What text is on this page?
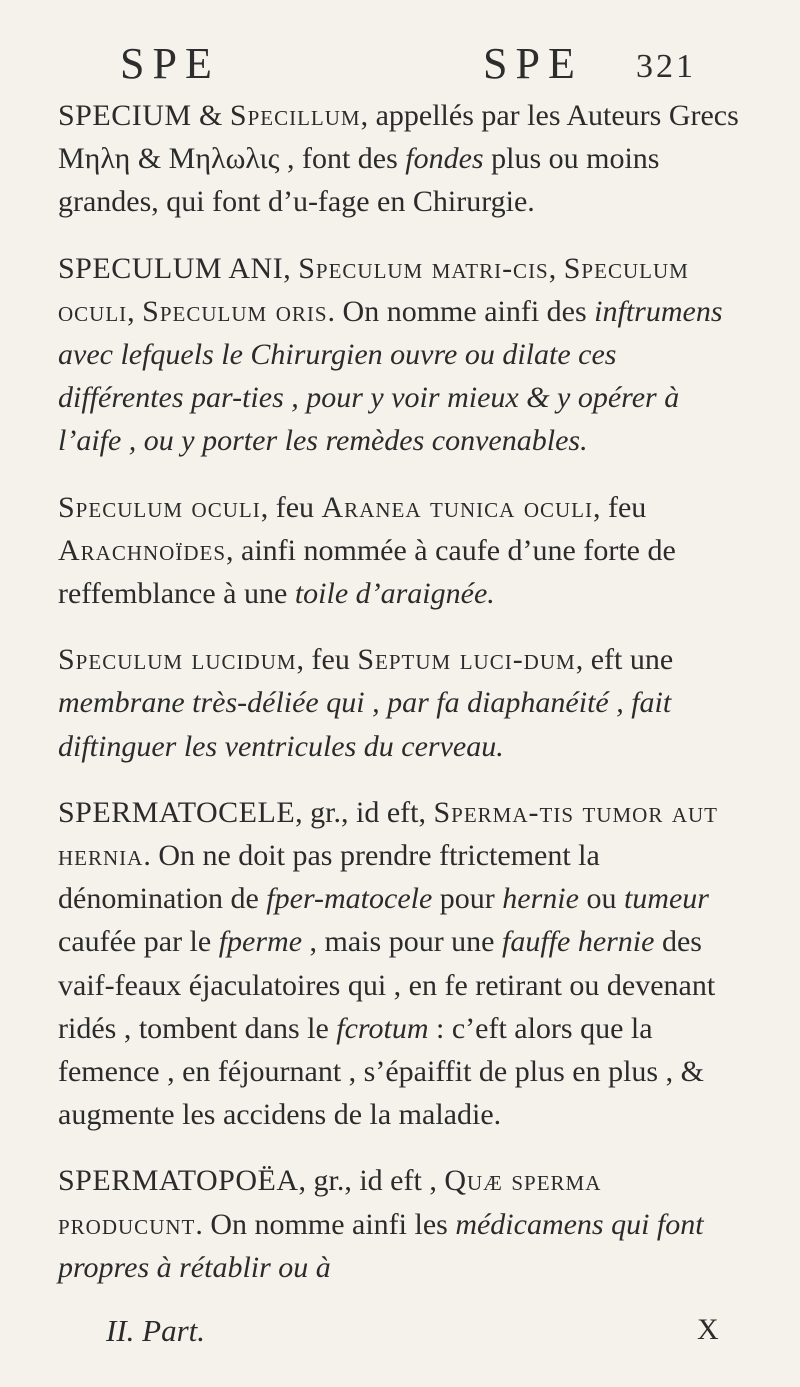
SPE	SPE 321

SPECIUM & Specillum, appellés par les Auteurs Grecs Mηλη & Mηλωλις , font des fondes plus ou moins grandes, qui font d’u-fage en Chirurgie.

SPECULUM ANI, Speculum matri-cis, Speculum oculi, Speculum oris. On nomme ainfi des inftrumens avec lefquels le Chirurgien ouvre ou dilate ces différentes par-ties , pour y voir mieux & y opérer à l’aife , ou y porter les remèdes convenables.

Speculum oculi, feu Aranea tunica oculi, feu Arachnoïdes, ainfi nommée à caufe d’une forte de reffemblance à une toile d’araignée.

Speculum lucidum, feu Septum luci-dum, eft une membrane très-déliée qui , par fa diaphanéité , fait diftinguer les ventricules du cerveau.

SPERMATOCELE, gr., id eft, Sperma-tis tumor aut hernia. On ne doit pas prendre ftrictement la dénomination de fper-matocele pour hernie ou tumeur caufée par le fperme , mais pour une fauffe hernie des vaif-feaux éjaculatoires qui , en fe retirant ou devenant ridés , tombent dans le fcrotum : c’eft alors que la femence , en féjournant , s’épaiffit de plus en plus , & augmente les accidens de la maladie.

SPERMATOPOËA, gr., id eft , Quæ sperma producunt. On nomme ainfi les médicamens qui font propres à rétablir ou à

II. Part.	X
